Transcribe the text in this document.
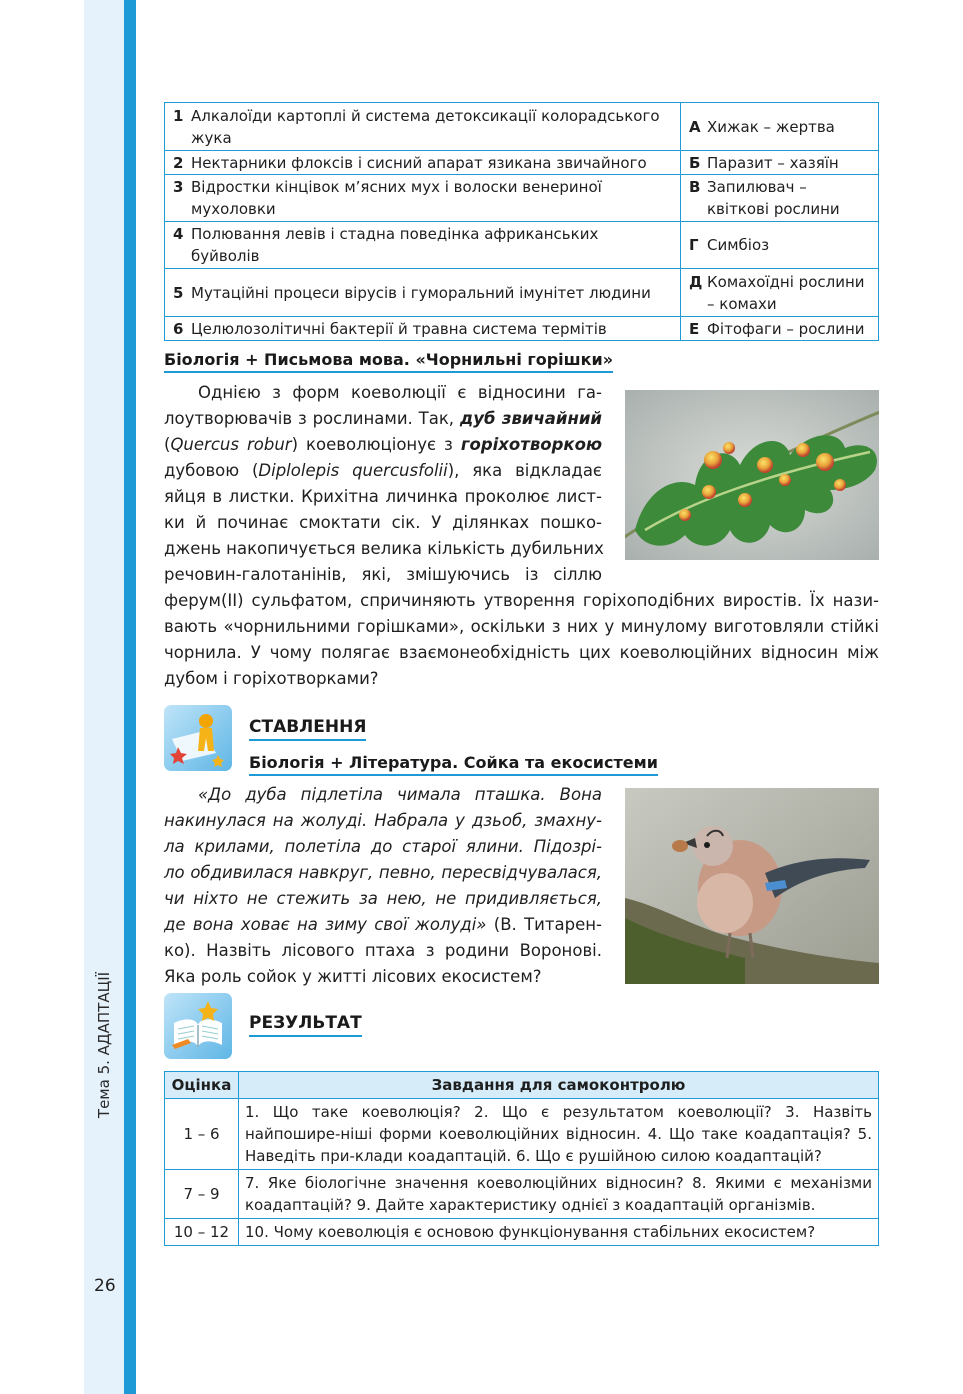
Тема 5. АДАПТАЦІЇ
26
1 Алкалоїди картоплі й система детоксикації колорадського жука	А Хижак – жертва
2 Нектарники флоксів і сисний апарат язикана звичайного	Б Паразит – хазяїн
3 Відростки кінцівок м’ясних мух і волоски венериної мухоловки	В Запилювач – квіткові рослини
4 Полювання левів і стадна поведінка африканських буйволів	Г Симбіоз
5 Мутаційні процеси вірусів і гуморальний імунітет людини	Д Комахоїдні рослини – комахи
6 Целюлозолітичні бактерії й травна система термітів	Е Фітофаги – рослини
Біологія + Письмова мова. «Чорнильні горішки»
Однією з форм коеволюції є відносини га-
лоутворювачів з рослинами. Так, дуб звичайний
(Quercus robur) коеволюціонує з горіхотворкою
дубовою (Diplolepis quercusfolii), яка відкладає
яйця в листки. Крихітна личинка проколює лист-
ки й починає смоктати сік. У ділянках пошко-
джень накопичується велика кількість дубильних
речовин-галотанінів, які, змішуючись із сіллю
ферум(ІІ) сульфатом, спричиняють утворення горіхоподібних виростів. Їх нази-
вають «чорнильними горішками», оскільки з них у минулому виготовляли стійкі
чорнила. У чому полягає взаємонеобхідність цих коеволюційних відносин між
дубом і горіхотворками?
СТАВЛЕННЯ
Біологія + Література. Сойка та екосистеми
«До дуба підлетіла чимала пташка. Вона
накинулася на жолуді. Набрала у дзьоб, змахну-
ла крилами, полетіла до старої ялини. Підозрі-
ло обдивилася навкруг, певно, пересвідчувалася,
чи ніхто не стежить за нею, не придивляється,
де вона ховає на зиму свої жолуді» (В. Титарен-
ко). Назвіть лісового птаха з родини Воронові.
Яка роль сойок у житті лісових екосистем?
РЕЗУЛЬТАТ
Оцінка	Завдання для самоконтролю
1 – 6	1. Що таке коеволюція? 2. Що є результатом коеволюції? 3. Назвіть найпошире-ніші форми коеволюційних відносин. 4. Що таке коадаптація? 5. Наведіть при-клади коадаптацій. 6. Що є рушійною силою коадаптацій?
7 – 9	7. Яке біологічне значення коеволюційних відносин? 8. Якими є механізми коадаптацій? 9. Дайте характеристику однієї з коадаптацій організмів.
10 – 12	10. Чому коеволюція є основою функціонування стабільних екосистем?
